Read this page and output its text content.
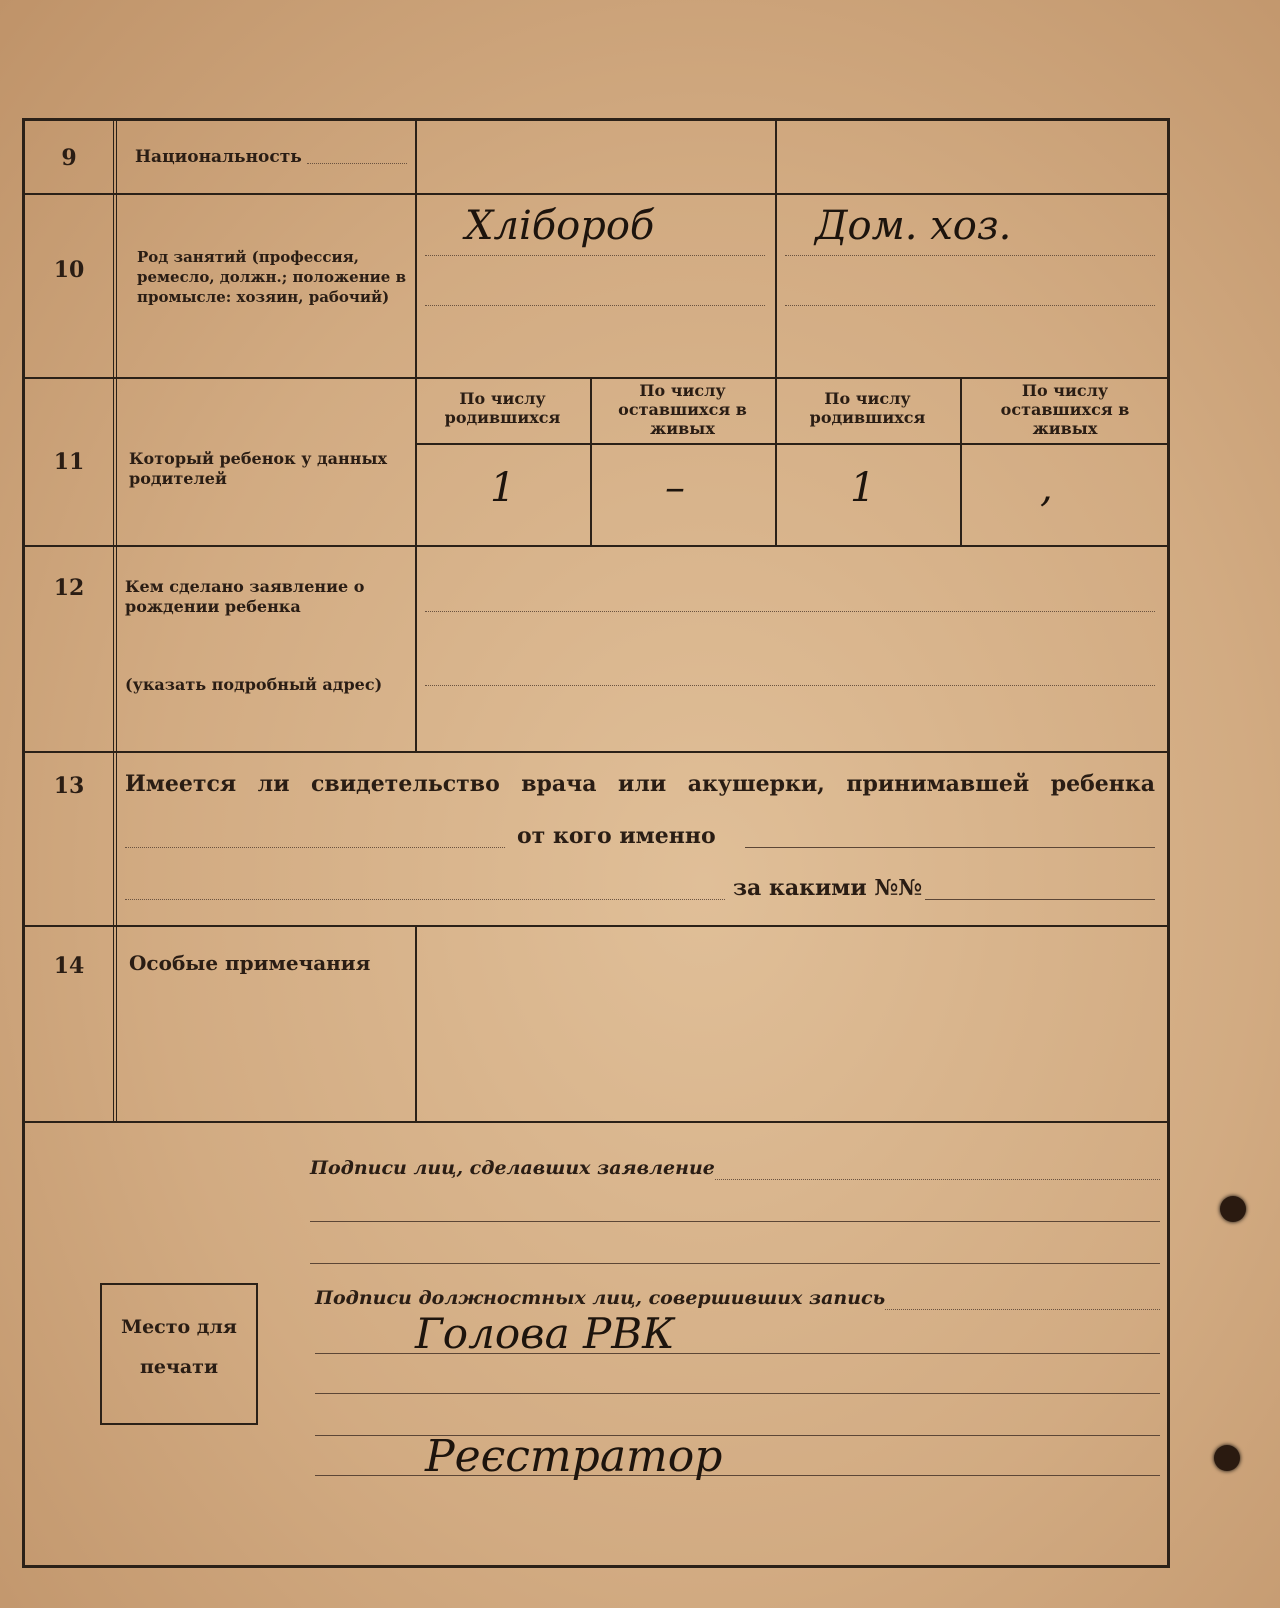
9	Национальность
10	Род занятий (профессия, ремесло, должн.; положение в промысле: хозяин, рабочий)
Хлібороб	Дом. хоз.
11	Который ребенок у данных родителей
По числу родившихся
По числу оставшихся в живых
По числу родившихся
По числу оставшихся в живых
1	–	1	,
12	Кем сделано заявление о рождении ребенка
(указать подробный адрес)
13	Имеется ли свидетельство врача или акушерки, принимавшей ребенка
от кого именно
за какими №№
14	Особые примечания
Подписи лиц, сделавших заявление
Подписи должностных лиц, совершивших запись
Голова РВК
Реєстратор
Место для
печати
